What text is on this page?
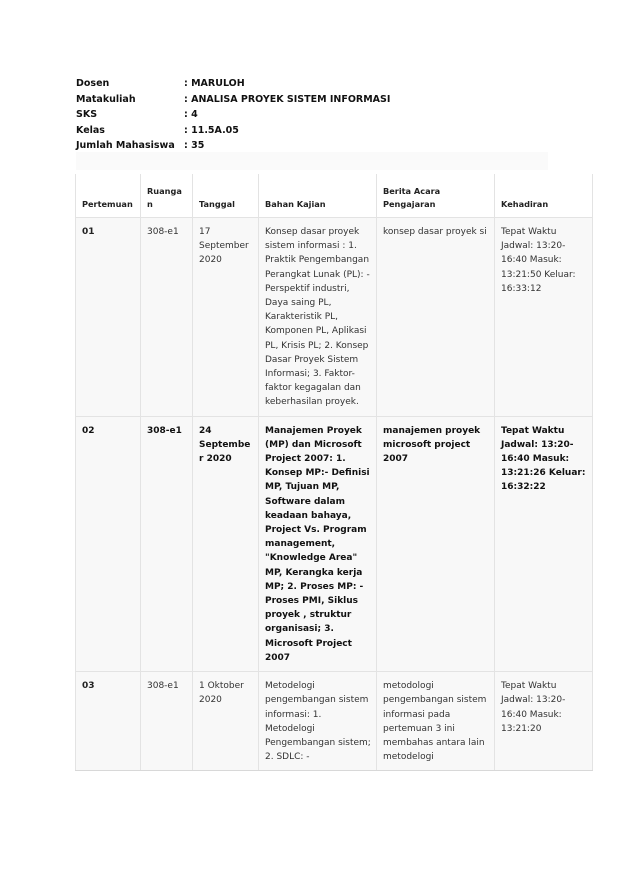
Dosen	: MARULOH
Matakuliah	: ANALISA PROYEK SISTEM INFORMASI
SKS	: 4
Kelas	: 11.5A.05
Jumlah Mahasiswa : 35
Pertemuan	Ruangan	Tanggal	Bahan Kajian	Berita Acara Pengajaran	Kehadiran
01	308-e1	17 September 2020	Konsep dasar proyek sistem informasi : 1. Praktik Pengembangan Perangkat Lunak (PL): - Perspektif industri, Daya saing PL, Karakteristik PL, Komponen PL, Aplikasi PL, Krisis PL; 2. Konsep Dasar Proyek Sistem Informasi; 3. Faktor-faktor kegagalan dan keberhasilan proyek.	konsep dasar proyek si	Tepat Waktu Jadwal: 13:20-16:40 Masuk: 13:21:50 Keluar: 16:33:12
02	308-e1	24 September 2020	Manajemen Proyek (MP) dan Microsoft Project 2007: 1. Konsep MP:- Definisi MP, Tujuan MP, Software dalam keadaan bahaya, Project Vs. Program management, "Knowledge Area" MP, Kerangka kerja MP; 2. Proses MP: - Proses PMI, Siklus proyek , struktur organisasi; 3. Microsoft Project 2007	manajemen proyek microsoft project 2007	Tepat Waktu Jadwal: 13:20-16:40 Masuk: 13:21:26 Keluar: 16:32:22
03	308-e1	1 Oktober 2020	Metodelogi pengembangan sistem informasi: 1. Metodelogi Pengembangan sistem; 2. SDLC: -	metodologi pengembangan sistem informasi pada pertemuan 3 ini membahas antara lain metodelogi	Tepat Waktu Jadwal: 13:20-16:40 Masuk: 13:21:20
